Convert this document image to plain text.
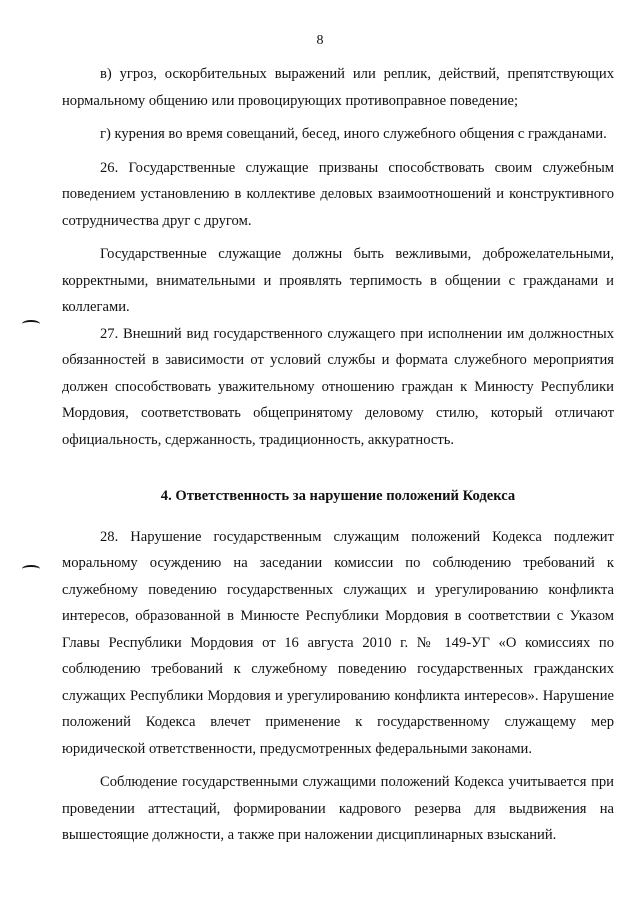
8

в) угроз, оскорбительных выражений или реплик, действий, препятствующих нормальному общению или провоцирующих противоправное поведение;

г) курения во время совещаний, бесед, иного служебного общения с гражданами.

26. Государственные служащие призваны способствовать своим служебным поведением установлению в коллективе деловых взаимоотношений и конструктивного сотрудничества друг с другом.

Государственные служащие должны быть вежливыми, доброжелательными, корректными, внимательными и проявлять терпимость в общении с гражданами и коллегами.

27. Внешний вид государственного служащего при исполнении им должностных обязанностей в зависимости от условий службы и формата служебного мероприятия должен способствовать уважительному отношению граждан к Минюсту Республики Мордовия, соответствовать общепринятому деловому стилю, который отличают официальность, сдержанность, традиционность, аккуратность.

4. Ответственность за нарушение положений Кодекса

28. Нарушение государственным служащим положений Кодекса подлежит моральному осуждению на заседании комиссии по соблюдению требований к служебному поведению государственных служащих и урегулированию конфликта интересов, образованной в Минюсте Республики Мордовия в соответствии с Указом Главы Республики Мордовия от 16 августа 2010 г. № 149-УГ «О комиссиях по соблюдению требований к служебному поведению государственных гражданских служащих Республики Мордовия и урегулированию конфликта интересов». Нарушение положений Кодекса влечет применение к государственному служащему мер юридической ответственности, предусмотренных федеральными законами.

Соблюдение государственными служащими положений Кодекса учитывается при проведении аттестаций, формировании кадрового резерва для выдвижения на вышестоящие должности, а также при наложении дисциплинарных взысканий.
